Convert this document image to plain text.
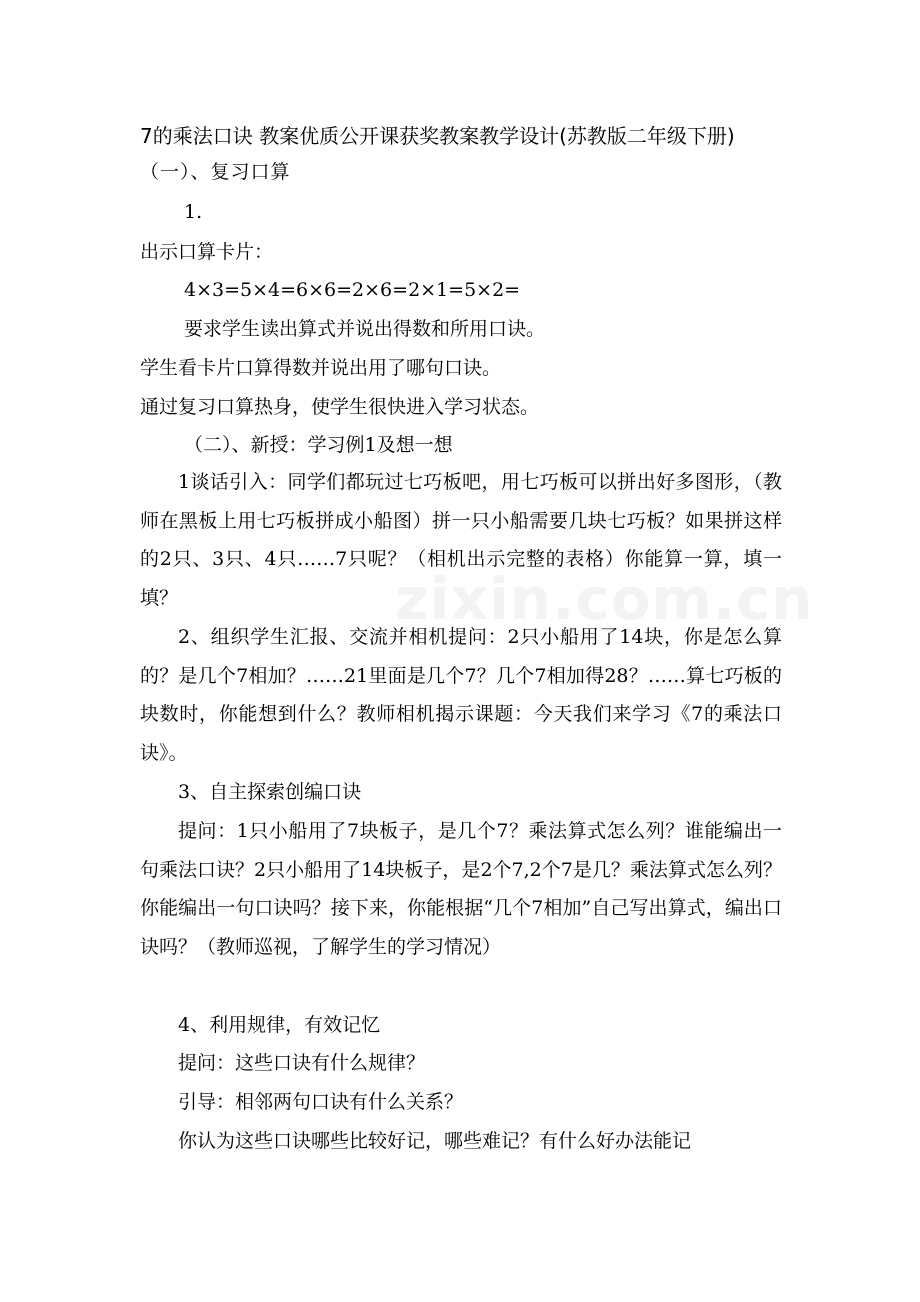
zixin.com.cn
7的乘法口诀 教案优质公开课获奖教案教学设计(苏教版二年级下册)
（一）、复习口算
1.
出示口算卡片：
4×3=5×4=6×6=2×6=2×1=5×2=
要求学生读出算式并说出得数和所用口诀。
学生看卡片口算得数并说出用了哪句口诀。
通过复习口算热身，使学生很快进入学习状态。
（二）、新授：学习例1及想一想
1谈话引入：同学们都玩过七巧板吧，用七巧板可以拼出好多图形，（教师在黑板上用七巧板拼成小船图）拼一只小船需要几块七巧板？如果拼这样的2只、3只、4只……7只呢？（相机出示完整的表格）你能算一算，填一填？
2、组织学生汇报、交流并相机提问：2只小船用了14块，你是怎么算的？是几个7相加？……21里面是几个7？几个7相加得28？……算七巧板的块数时，你能想到什么？教师相机揭示课题：今天我们来学习《7的乘法口诀》。
3、自主探索创编口诀
提问：1只小船用了7块板子，是几个7？乘法算式怎么列？谁能编出一句乘法口诀？2只小船用了14块板子，是2个7,2个7是几？乘法算式怎么列？你能编出一句口诀吗？接下来，你能根据“几个7相加”自己写出算式，编出口诀吗？（教师巡视，了解学生的学习情况）
4、利用规律，有效记忆
提问：这些口诀有什么规律？
引导：相邻两句口诀有什么关系？
你认为这些口诀哪些比较好记，哪些难记？有什么好办法能记
